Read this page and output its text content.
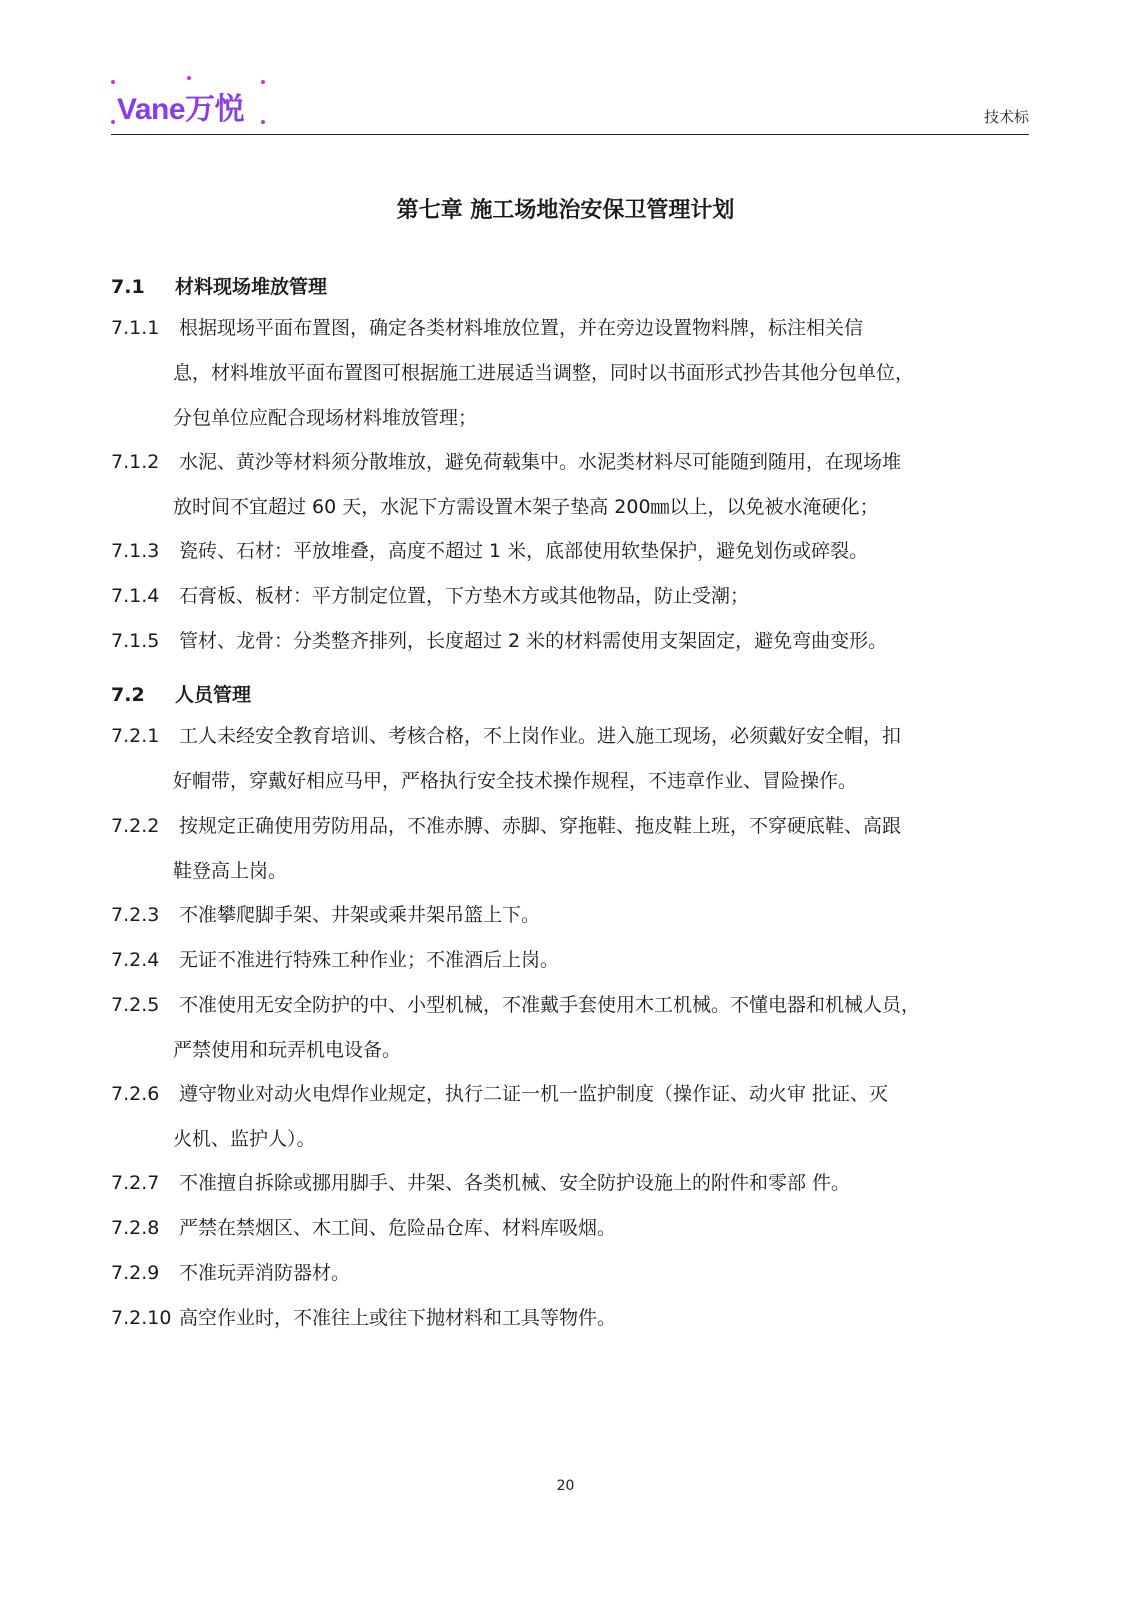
Vane万悦	技术标
第七章 施工场地治安保卫管理计划
7.1 材料现场堆放管理
7.1.1 根据现场平面布置图，确定各类材料堆放位置，并在旁边设置物料牌，标注相关信
息，材料堆放平面布置图可根据施工进展适当调整，同时以书面形式抄告其他分包单位，
分包单位应配合现场材料堆放管理；
7.1.2 水泥、黄沙等材料须分散堆放，避免荷载集中。水泥类材料尽可能随到随用，在现场堆
放时间不宜超过 60 天，水泥下方需设置木架子垫高 200㎜以上，以免被水淹硬化；
7.1.3 瓷砖、石材：平放堆叠，高度不超过 1 米，底部使用软垫保护，避免划伤或碎裂。
7.1.4 石膏板、板材：平方制定位置，下方垫木方或其他物品，防止受潮；
7.1.5 管材、龙骨：分类整齐排列，长度超过 2 米的材料需使用支架固定，避免弯曲变形。
7.2 人员管理
7.2.1 工人未经安全教育培训、考核合格，不上岗作业。进入施工现场，必须戴好安全帽，扣
好帽带，穿戴好相应马甲，严格执行安全技术操作规程，不违章作业、冒险操作。
7.2.2 按规定正确使用劳防用品，不准赤膊、赤脚、穿拖鞋、拖皮鞋上班，不穿硬底鞋、高跟
鞋登高上岗。
7.2.3 不准攀爬脚手架、井架或乘井架吊篮上下。
7.2.4 无证不准进行特殊工种作业；不准酒后上岗。
7.2.5 不准使用无安全防护的中、小型机械，不准戴手套使用木工机械。不懂电器和机械人员，
严禁使用和玩弄机电设备。
7.2.6 遵守物业对动火电焊作业规定，执行二证一机一监护制度（操作证、动火审 批证、灭
火机、监护人）。
7.2.7 不准擅自拆除或挪用脚手、井架、各类机械、安全防护设施上的附件和零部 件。
7.2.8 严禁在禁烟区、木工间、危险品仓库、材料库吸烟。
7.2.9 不准玩弄消防器材。
7.2.10 高空作业时，不准往上或往下抛材料和工具等物件。
20
